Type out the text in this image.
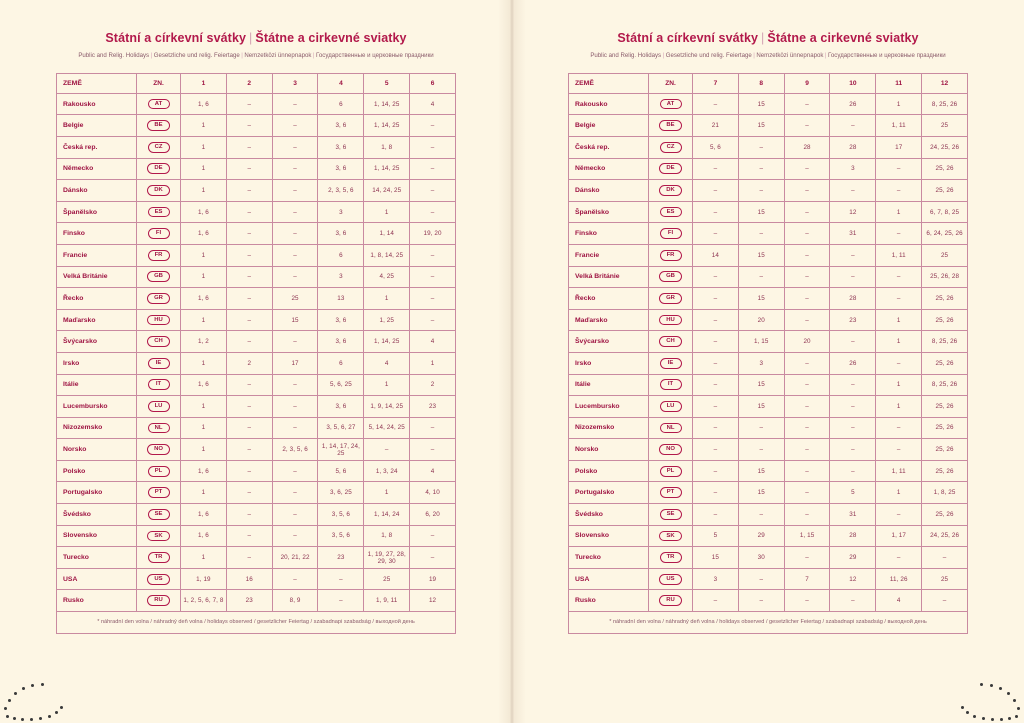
Státní a církevní svátky | Štátne a cirkevné sviatky

Public and Relig. Holidays | Gesetzliche und relig. Feiertage | Nemzetközi ünnepnapok | Государственные и церковные праздники

ZEMĚ	ZN.	1	2	3	4	5	6
Rakousko	AT	1, 6	–	–	6	1, 14, 25	4
Belgie	BE	1	–	–	3, 6	1, 14, 25	–
Česká rep.	CZ	1	–	–	3, 6	1, 8	–
Německo	DE	1	–	–	3, 6	1, 14, 25	–
Dánsko	DK	1	–	–	2, 3, 5, 6	14, 24, 25	–
Španělsko	ES	1, 6	–	–	3	1	–
Finsko	FI	1, 6	–	–	3, 6	1, 14	19, 20
Francie	FR	1	–	–	6	1, 8, 14, 25	–
Velká Británie	GB	1	–	–	3	4, 25	–
Řecko	GR	1, 6	–	25	13	1	–
Maďarsko	HU	1	–	15	3, 6	1, 25	–
Švýcarsko	CH	1, 2	–	–	3, 6	1, 14, 25	4
Irsko	IE	1	2	17	6	4	1
Itálie	IT	1, 6	–	–	5, 6, 25	1	2
Lucembursko	LU	1	–	–	3, 6	1, 9, 14, 25	23
Nizozemsko	NL	1	–	–	3, 5, 6, 27	5, 14, 24, 25	–
Norsko	NO	1	–	2, 3, 5, 6	1, 14, 17, 24, 25	–	–
Polsko	PL	1, 6	–	–	5, 6	1, 3, 24	4
Portugalsko	PT	1	–	–	3, 6, 25	1	4, 10
Švédsko	SE	1, 6	–	–	3, 5, 6	1, 14, 24	6, 20
Slovensko	SK	1, 6	–	–	3, 5, 6	1, 8	–
Turecko	TR	1	–	20, 21, 22	23	1, 19, 27, 28, 29, 30	–
USA	US	1, 19	16	–	–	25	19
Rusko	RU	1, 2, 5, 6, 7, 8	23	8, 9	–	1, 9, 11	12
* náhradní den volna / náhradný deň volna / holidays observed / gesetzlicher Feiertag / szabadnapi szabadság / выходной день							
Státní a církevní svátky | Štátne a cirkevné sviatky

Public and Relig. Holidays | Gesetzliche und relig. Feiertage | Nemzetközi ünnepnapok | Государственные и церковные праздники

ZEMĚ	ZN.	7	8	9	10	11	12
Rakousko	AT	–	15	–	26	1	8, 25, 26
Belgie	BE	21	15	–	–	1, 11	25
Česká rep.	CZ	5, 6	–	28	28	17	24, 25, 26
Německo	DE	–	–	–	3	–	25, 26
Dánsko	DK	–	–	–	–	–	25, 26
Španělsko	ES	–	15	–	12	1	6, 7, 8, 25
Finsko	FI	–	–	–	31	–	6, 24, 25, 26
Francie	FR	14	15	–	–	1, 11	25
Velká Británie	GB	–	–	–	–	–	25, 26, 28
Řecko	GR	–	15	–	28	–	25, 26
Maďarsko	HU	–	20	–	23	1	25, 26
Švýcarsko	CH	–	1, 15	20	–	1	8, 25, 26
Irsko	IE	–	3	–	26	–	25, 26
Itálie	IT	–	15	–	–	1	8, 25, 26
Lucembursko	LU	–	15	–	–	1	25, 26
Nizozemsko	NL	–	–	–	–	–	25, 26
Norsko	NO	–	–	–	–	–	25, 26
Polsko	PL	–	15	–	–	1, 11	25, 26
Portugalsko	PT	–	15	–	5	1	1, 8, 25
Švédsko	SE	–	–	–	31	–	25, 26
Slovensko	SK	5	29	1, 15	28	1, 17	24, 25, 26
Turecko	TR	15	30	–	29	–	–
USA	US	3	–	7	12	11, 26	25
Rusko	RU	–	–	–	–	4	–
* náhradní den volna / náhradný deň volna / holidays observed / gesetzlicher Feiertag / szabadnapi szabadság / выходной день							
